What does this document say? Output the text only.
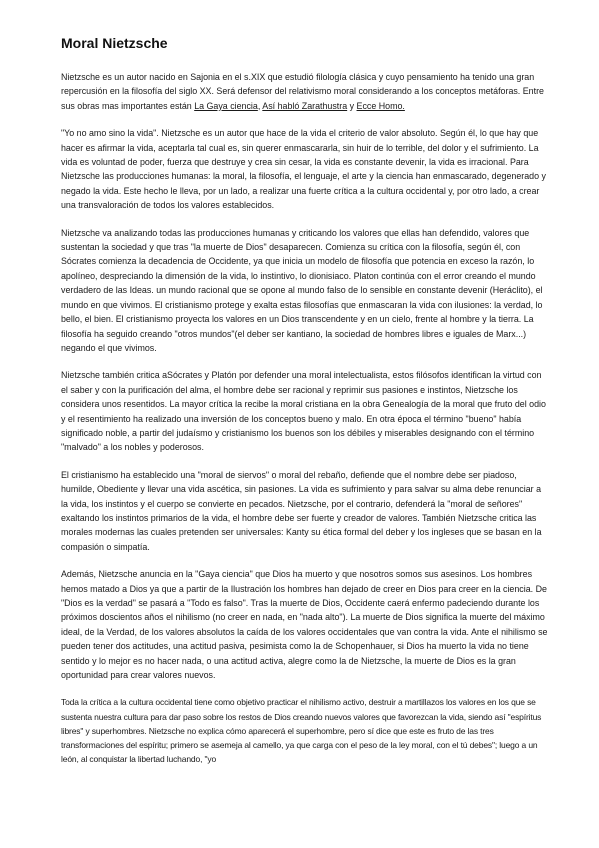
Moral Nietzsche

Nietzsche es un autor nacido en Sajonia en el s.XIX que estudió filología clásica y cuyo pensamiento ha tenido una gran repercusión en la filosofía del siglo XX. Será defensor del relativismo moral considerando a los conceptos metáforas. Entre sus obras mas importantes están La Gaya ciencia, Así habló Zarathustra y Ecce Homo.

"Yo no amo sino la vida". Nietzsche es un autor que hace de la vida el criterio de valor absoluto. Según él, lo que hay que hacer es afirmar la vida, aceptarla tal cual es, sin querer enmascararla, sin huir de lo terrible, del dolor y el sufrimiento. La vida es voluntad de poder, fuerza que destruye y crea sin cesar, la vida es constante devenir, la vida es irracional. Para Nietzsche las producciones humanas: la moral, la filosofía, el lenguaje, el arte y la ciencia han enmascarado, degenerado y negado la vida. Este hecho le lleva, por un lado, a realizar una fuerte crítica a la cultura occidental y, por otro lado, a crear una transvaloración de todos los valores establecidos.

Nietzsche va analizando todas las producciones humanas y criticando los valores que ellas han defendido, valores que sustentan la sociedad y que tras "la muerte de Dios" desaparecen. Comienza su crítica con la filosofía, según él, con Sócrates comienza la decadencia de Occidente, ya que inicia un modelo de filosofía que potencia en exceso la razón, lo apolíneo, despreciando la dimensión de la vida, lo instintivo, lo dionisiaco. Platon continúa con el error creando el mundo verdadero de las Ideas. un mundo racional que se opone al mundo falso de lo sensible en constante devenir (Heráclito), el mundo en que vivimos. El cristianismo protege y exalta estas filosofías que enmascaran la vida con ilusiones: la verdad, lo bello, el bien. El cristianismo proyecta los valores en un Dios transcendente y en un cielo, frente al hombre y la tierra. La filosofía ha seguido creando "otros mundos"(el deber ser kantiano, la sociedad de hombres libres e iguales de Marx...) negando el que vivimos.

Nietzsche también critica aSócrates y Platón por defender una moral intelectualista, estos filósofos identifican la virtud con el saber y con la purificación del alma, el hombre debe ser racional y reprimir sus pasiones e instintos, Nietzsche los considera unos resentidos. La mayor crítica la recibe la moral cristiana en la obra Genealogía de la moral que fruto del odio y el resentimiento ha realizado una inversión de los conceptos bueno y malo. En otra época el término "bueno" había significado noble, a partir del judaísmo y cristianismo los buenos son los débiles y miserables designando con el término "malvado" a los nobles y poderosos.

El cristianismo ha establecido una "moral de siervos" o moral del rebaño, defiende que el nombre debe ser piadoso, humilde, Obediente y llevar una vida ascética, sin pasiones. La vida es sufrimiento y para salvar su alma debe renunciar a la vida, los instintos y el cuerpo se convierte en pecados. Nietzsche, por el contrario, defenderá la "moral de señores" exaltando los instintos primarios de la vida, el hombre debe ser fuerte y creador de valores. También Nietzsche critica las morales modernas las cuales pretenden ser universales: Kanty su ética formal del deber y los ingleses que se basan en la compasión o simpatía.

Además, Nietzsche anuncia en la "Gaya ciencia" que Dios ha muerto y que nosotros somos sus asesinos. Los hombres hemos matado a Dios ya que a partir de la Ilustración los hombres han dejado de creer en Dios para creer en la ciencia. De "Dios es la verdad" se pasará a "Todo es falso". Tras la muerte de Dios, Occidente caerá enfermo padeciendo durante los próximos doscientos años el nihilismo (no creer en nada, en "nada alto"). La muerte de Dios significa la muerte del máximo ideal, de la Verdad, de los valores absolutos la caída de los valores occidentales que van contra la vida. Ante el nihilismo se pueden tener dos actitudes, una actitud pasiva, pesimista como la de Schopenhauer, si Dios ha muerto la vida no tiene sentido y lo mejor es no hacer nada, o una actitud activa, alegre como la de Nietzsche, la muerte de Dios es la gran oportunidad para crear valores nuevos.

Toda la crítica a la cultura occidental tiene como objetivo practicar el nihilismo activo, destruir a martillazos los valores en los que se sustenta nuestra cultura para dar paso sobre los restos de Dios creando nuevos valores que favorezcan la vida, siendo así "espíritus libres" y superhombres. Nietzsche no explica cómo aparecerá el superhombre, pero sí dice que este es fruto de las tres transformaciones del espíritu; primero se asemeja al camello, ya que carga con el peso de la ley moral, con el tú debes"; luego a un león, al conquistar la libertad luchando, "yo
